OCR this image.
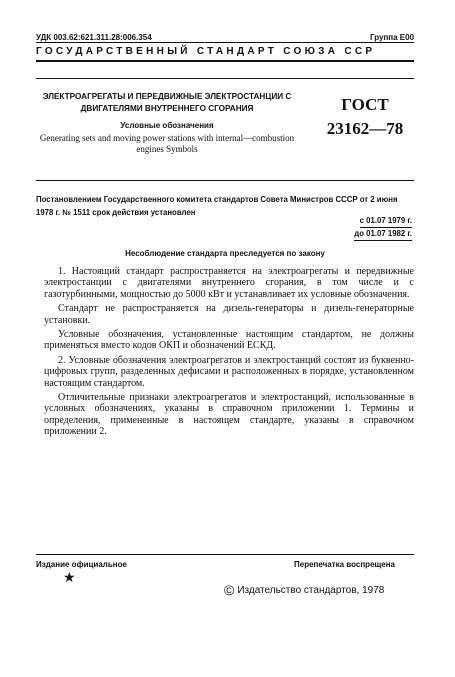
УДК 003.62:621.311.28:006.354	Группа Е00
ГОСУДАРСТВЕННЫЙ СТАНДАРТ СОЮЗА ССР
ЭЛЕКТРОАГРЕГАТЫ И ПЕРЕДВИЖНЫЕ ЭЛЕКТРОСТАНЦИИ С ДВИГАТЕЛЯМИ ВНУТРЕННЕГО СГОРАНИЯ
Условные обозначения
Generating sets and moving power stations with internal—combustion engines Symbols
ГОСТ
23162—78
Постановлением Государственного комитета стандартов Совета Министров СССР от 2 июня 1978 г. № 1511 срок действия установлен
с 01.07 1979 г.
до 01.07 1982 г.
Несоблюдение стандарта преследуется по закону

1. Настоящий стандарт распространяется на электроагрегаты и передвижные электростанции с двигателями внутреннего сгорания, в том числе и с газотурбинными, мощностью до 5000 кВт и устанавливает их условные обозначения.

Стандарт не распространяется на дизель-генераторы и дизель-генераторные установки.

Условные обозначения, установленные настоящим стандартом, не должны применяться вместо кодов ОКП и обозначений ЕСКД.

2. Условные обозначения электроагрегатов и электростанций состоят из буквенно-цифровых групп, разделенных дефисами и расположенных в порядке, установленном настоящим стандартом.

Отличительные признаки электроагрегатов и электростанций, использованные в условных обозначениях, указаны в справочном приложении 1. Термины и определения, примененные в настоящем стандарте, указаны в справочном приложении 2.

Издание официальное	Перепечатка воспрещена
★
© Издательство стандартов, 1978
